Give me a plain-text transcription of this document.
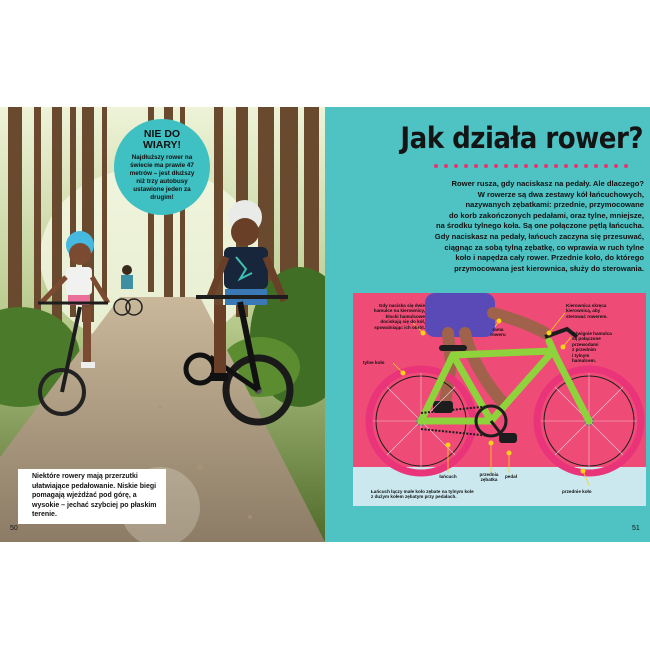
NIE DO
WIARY!
Najdłuższy rower na świecie ma prawie 47 metrów – jest dłuższy niż trzy autobusy ustawione jeden za drugim!
Niektóre rowery mają przerzutki ułatwiające pedałowanie. Niskie biegi pomagają wjeżdżać pod górę, a wysokie – jechać szybciej po płaskim terenie.
50
Jak działa rower?
Rower rusza, gdy naciskasz na pedały. Ale dlaczego?
W rowerze są dwa zestawy kół łańcuchowych,
nazywanych zębatkami: przednie, przymocowane
do korb zakończonych pedałami, oraz tylne, mniejsze,
na środku tylnego koła. Są one połączone pętlą łańcucha.
Gdy naciskasz na pedały, łańcuch zaczyna się przesuwać,
ciągnąc za sobą tylną zębatkę, co wprawia w ruch tylne
koło i napędza cały rower. Przednie koło, do którego
przymocowana jest kierownica, służy do sterowania.
Gdy naciska się dwie
hamulce na kierownicy,
klocki hamulcowe
dociskają się do kół,
spowalniając ich obrót.	rama
roweru
Kierownica skręca
kierownicą, aby
sterować rowerem.
Dźwignie hamulca
są połączone
przewodami
z przednim
i tylnym
hamulcem.
tylne koło
łańcuch	przednia
zębatka
pedał
Łańcuch łączy małe koło zębate na tylnym kole
z dużym kołem zębatym przy pedałach.
przednie koło
51
